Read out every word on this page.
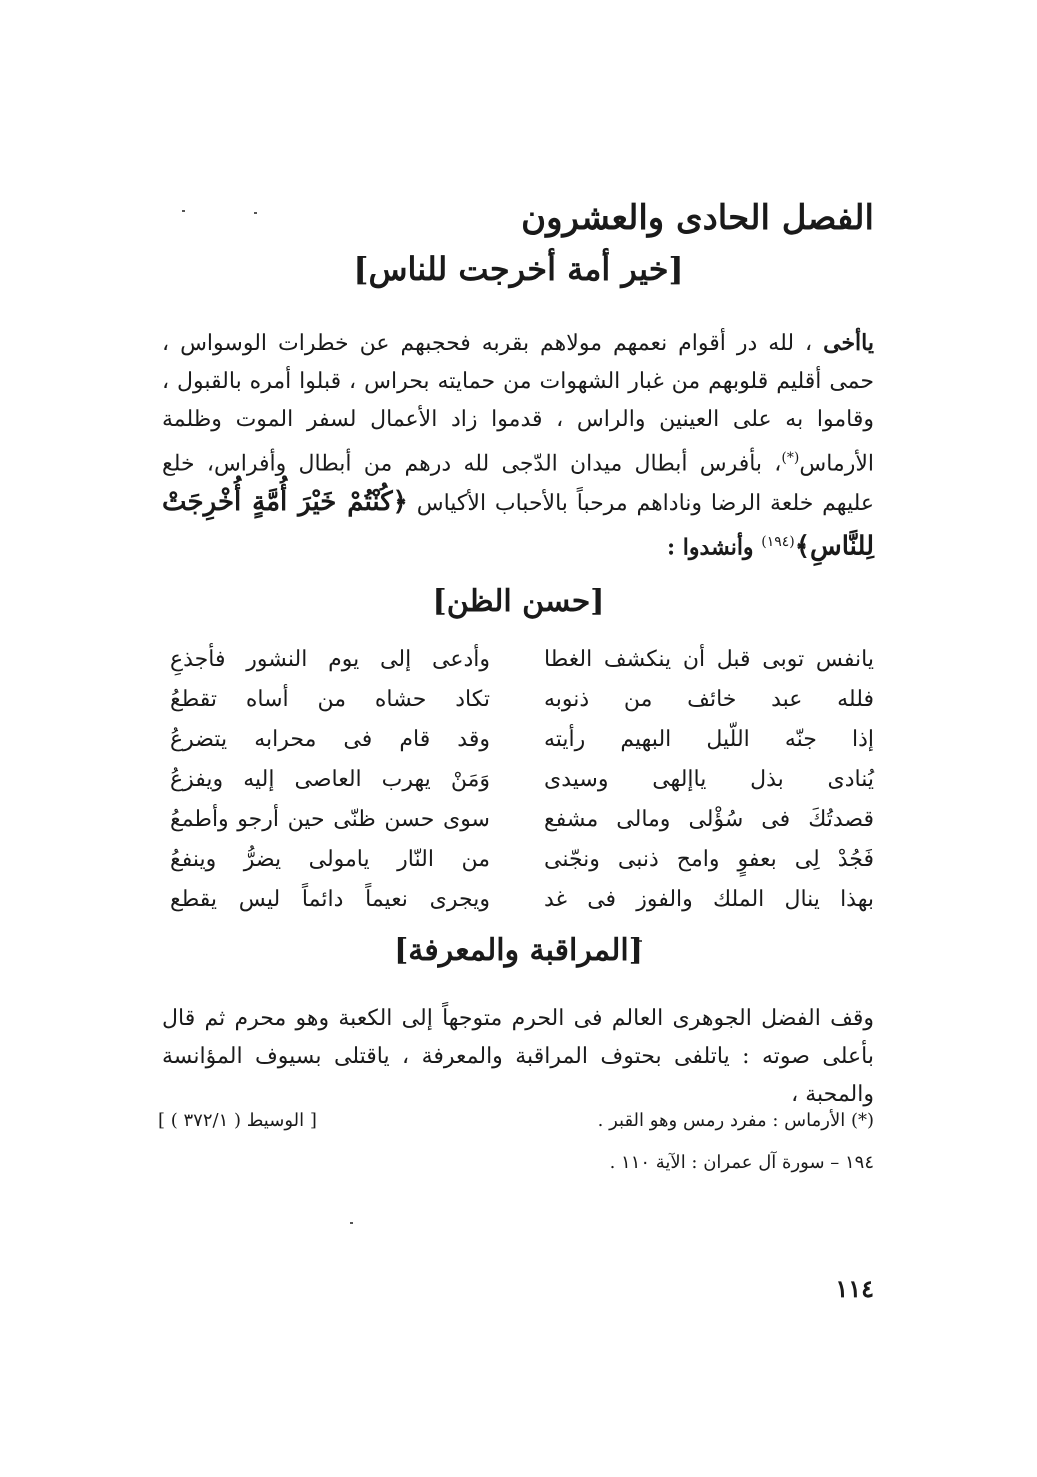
الفصل الحادى والعشرون
[خير أمة أخرجت للناس]

ياأخى ، لله در أقوام نعمهم مولاهم بقربه فحجبهم عن خطرات الوسواس ، حمى أقليم قلوبهم من غبار الشهوات من حمايته بحراس ، قبلوا أمره بالقبول ، وقاموا به على العينين والراس ، قدموا زاد الأعمال لسفر الموت وظلمة الأرماس(*)، بأفرس أبطال ميدان الدّجى لله درهم من أبطال وأفراس، خلع عليهم خلعة الرضا وناداهم مرحباً بالأحباب الأكياس ﴿كُنْتُمْ خَيْرَ أُمَّةٍ أُخْرِجَتْ لِلنَّاسِ﴾$^{(١٩٤)}$ وأنشدوا :

[حسن الظن]
يانفس توبى قبل أن ينكشف الغطا
وأدعى إلى يوم النشور فأجذعِ
فلله عبد خائف من ذنوبه
تكاد حشاه من أساه تقطعُ
إذا جنّه اللّيل البهيم رأيته
وقد قام فى محرابه يتضرعُ
يُنادى بذل ياإلهى وسيدى
وَمَنْ يهرب العاصى إليه ويفزعُ
قصدتُكَ فى سُؤْلى ومالى مشفع
سوى حسن ظنّى حين أرجو وأطمعُ
فَجُدْ لِى بعفوٍ وامح ذنبى ونجّنى
من النّار يامولى يضرُّ وينفعُ
بهذا ينال الملك والفوز فى غد
ويجرى نعيماً دائماً ليس يقطع
[المراقبة والمعرفة]

وقف الفضل الجوهرى العالم فى الحرم متوجهاً إلى الكعبة وهو محرم ثم قال بأعلى صوته : ياتلفى بحتوف المراقبة والمعرفة ، ياقتلى بسيوف المؤانسة والمحبة ،

(*) الأرماس : مفرد رمس وهو القبر .
[ الوسيط ( ٣٧٢/١ ) ]
١٩٤ – سورة آل عمران : الآية ١١٠ .
١١٤
